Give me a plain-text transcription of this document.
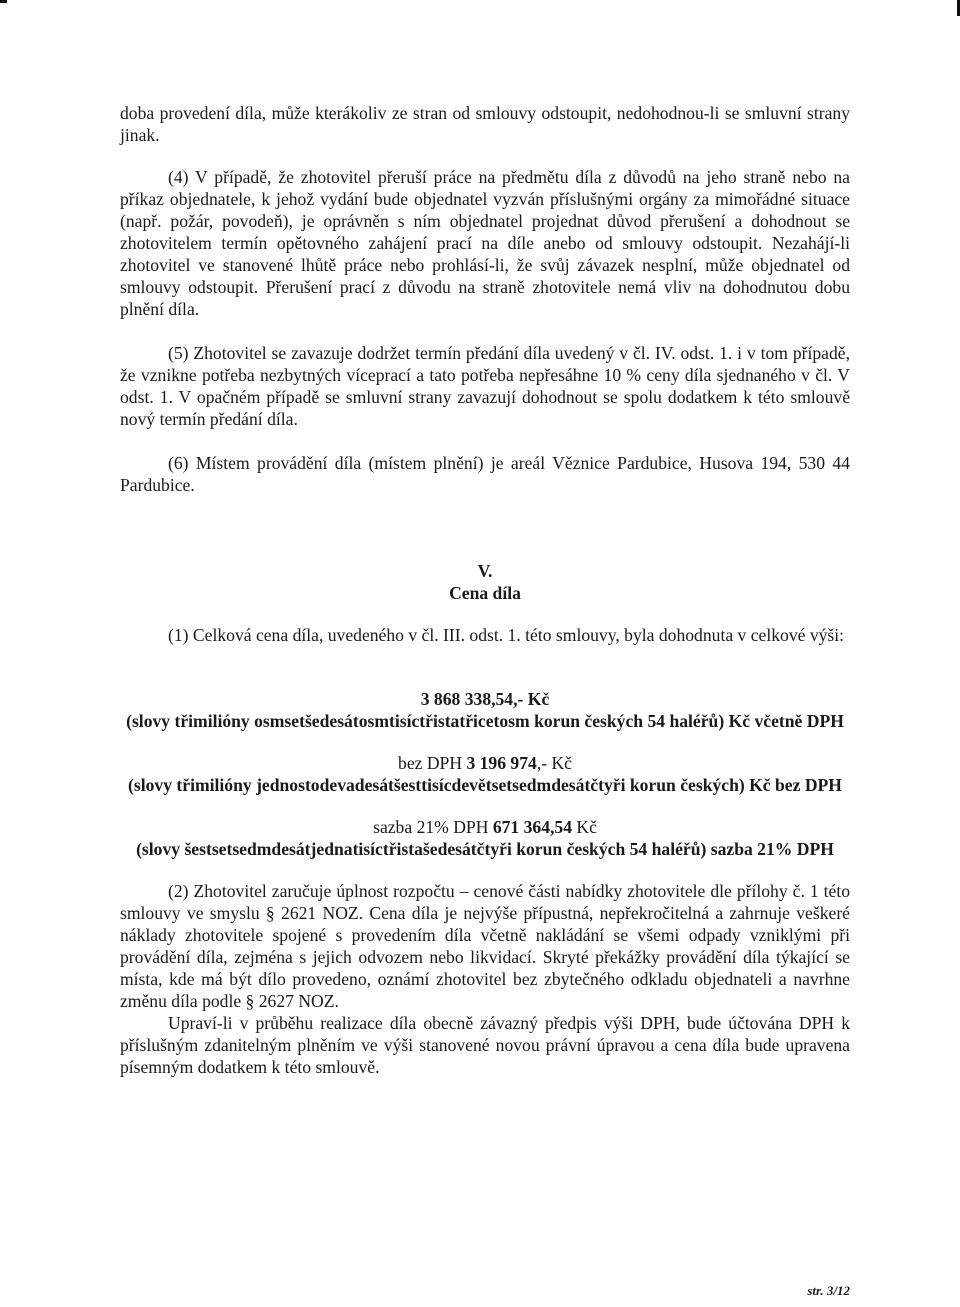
doba provedení díla, může kterákoliv ze stran od smlouvy odstoupit, nedohodnou-li se smluvní strany jinak.

(4) V případě, že zhotovitel přeruší práce na předmětu díla z důvodů na jeho straně nebo na příkaz objednatele, k jehož vydání bude objednatel vyzván příslušnými orgány za mimořádné situace (např. požár, povodeň), je oprávněn s ním objednatel projednat důvod přerušení a dohodnout se zhotovitelem termín opětovného zahájení prací na díle anebo od smlouvy odstoupit. Nezahájí-li zhotovitel ve stanovené lhůtě práce nebo prohlásí-li, že svůj závazek nesplní, může objednatel od smlouvy odstoupit. Přerušení prací z důvodu na straně zhotovitele nemá vliv na dohodnutou dobu plnění díla.

(5) Zhotovitel se zavazuje dodržet termín předání díla uvedený v čl. IV. odst. 1. i v tom případě, že vznikne potřeba nezbytných víceprací a tato potřeba nepřesáhne 10 % ceny díla sjednaného v čl. V odst. 1. V opačném případě se smluvní strany zavazují dohodnout se spolu dodatkem k této smlouvě nový termín předání díla.

(6) Místem provádění díla (místem plnění) je areál Věznice Pardubice, Husova 194, 530 44 Pardubice.

V.

Cena díla

(1) Celková cena díla, uvedeného v čl. III. odst. 1. této smlouvy, byla dohodnuta v celkové výši:

3 868 338,54,- Kč

(slovy třimilióny osmsetšedesátosmtisíctřistatřicetosm korun českých 54 haléřů) Kč včetně DPH

bez DPH 3 196 974,- Kč

(slovy třimilióny jednostodevadesátšesttisícdevětsetsedmdesátčtyři korun českých) Kč bez DPH

sazba 21% DPH 671 364,54 Kč

(slovy šestsetsedmdesátjednatisíctřistašedesátčtyři korun českých 54 haléřů) sazba 21% DPH

(2) Zhotovitel zaručuje úplnost rozpočtu – cenové části nabídky zhotovitele dle přílohy č. 1 této smlouvy ve smyslu § 2621 NOZ. Cena díla je nejvýše přípustná, nepřekročitelná a zahrnuje veškeré náklady zhotovitele spojené s provedením díla včetně nakládání se všemi odpady vzniklými při provádění díla, zejména s jejich odvozem nebo likvidací. Skryté překážky provádění díla týkající se místa, kde má být dílo provedeno, oznámí zhotovitel bez zbytečného odkladu objednateli a navrhne změnu díla podle § 2627 NOZ.

Upraví-li v průběhu realizace díla obecně závazný předpis výši DPH, bude účtována DPH k příslušným zdanitelným plněním ve výši stanovené novou právní úpravou a cena díla bude upravena písemným dodatkem k této smlouvě.

str. 3/12
